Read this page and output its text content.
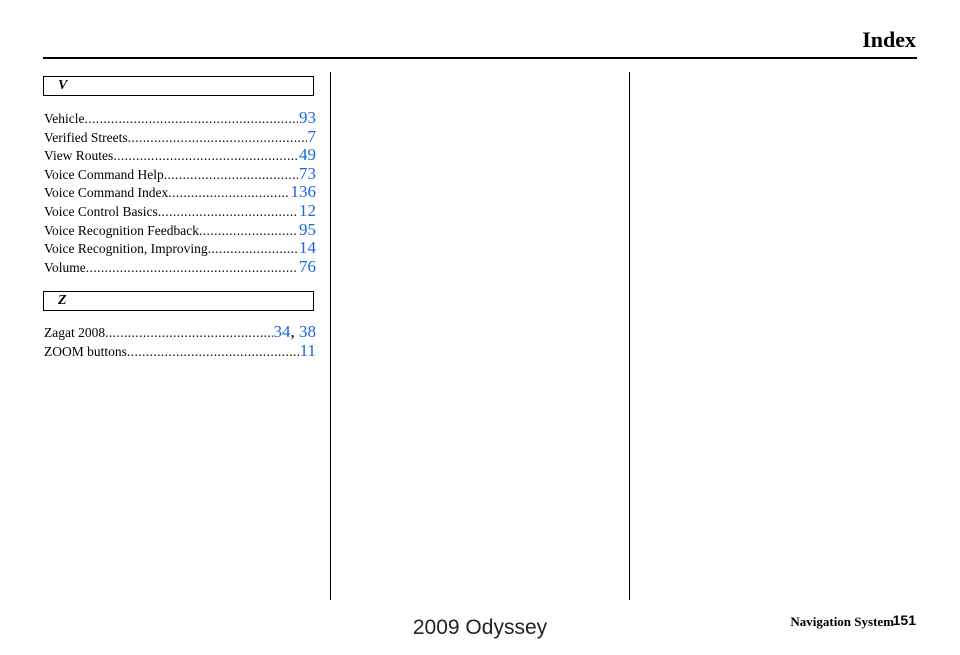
Index
V
Vehicle .....	93
Verified Streets .....	7
View Routes .....	49
Voice Command Help .....	73
Voice Command Index .....	136
Voice Control Basics .....	12
Voice Recognition Feedback .....	95
Voice Recognition, Improving .....	14
Volume .....	76
Z
Zagat 2008 .....	34, 38
ZOOM buttons .....	11
Navigation System
151
2009 Odyssey
